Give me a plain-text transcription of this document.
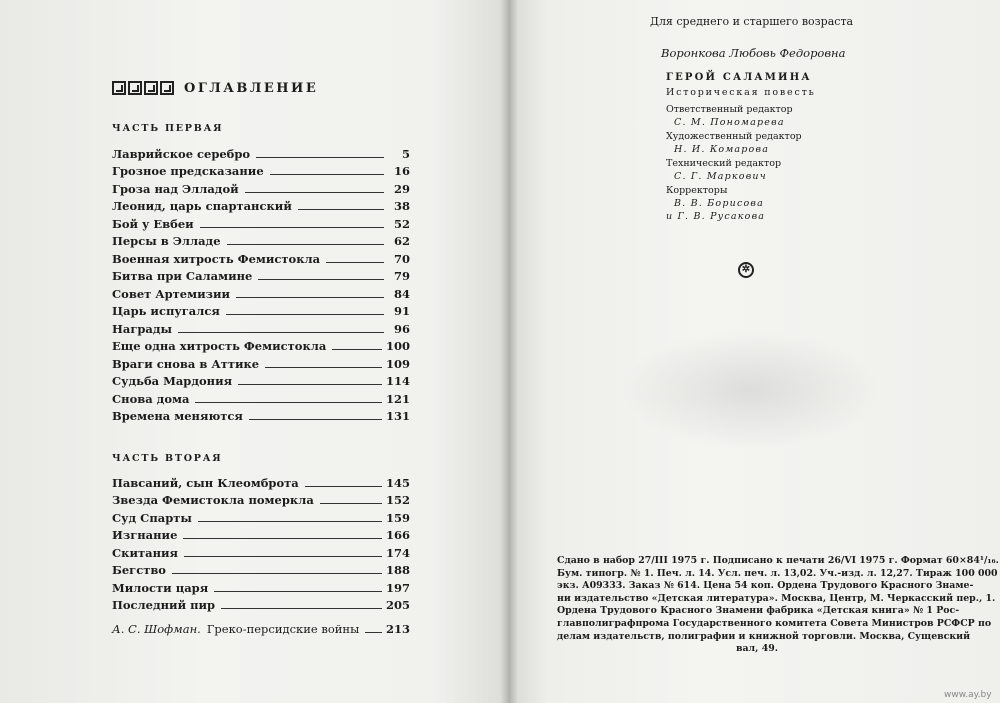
ОГЛАВЛЕНИЕ
ЧАСТЬ ПЕРВАЯ
Лаврийское серебро	5
Грозное предсказание	16
Гроза над Элладой	29
Леонид, царь спартанский	38
Бой у Евбеи	52
Персы в Элладе	62
Военная хитрость Фемистокла	70
Битва при Саламине	79
Совет Артемизии	84
Царь испугался	91
Награды	96
Еще одна хитрость Фемистокла	100
Враги снова в Аттике	109
Судьба Мардония	114
Снова дома	121
Времена меняются	131
ЧАСТЬ ВТОРАЯ
Павсаний, сын Клеомброта	145
Звезда Фемистокла померкла	152
Суд Спарты	159
Изгнание	166
Скитания	174
Бегство	188
Милости царя	197
Последний пир	205
А. С. Шофман. Греко-персидские войны 213
Для среднего и старшего возраста
Воронкова Любовь Федоровна
ГЕРОЙ САЛАМИНА
Историческая повесть
Ответственный редактор
С. М. Пономарева
Художественный редактор
Н. И. Комарова
Технический редактор
С. Г. Маркович
Корректоры
В. В. Борисова
и Г. В. Русакова
✲
Сдано в набор 27/III 1975 г. Подписано к печати 26/VI 1975 г. Формат 60×84¹/₁₆.
Бум. типогр. № 1. Печ. л. 14. Усл. печ. л. 13,02. Уч.-изд. л. 12,27. Тираж 100 000
экз. А09333. Заказ № 614. Цена 54 коп. Ордена Трудового Красного Знаме-
ни издательство «Детская литература». Москва, Центр, М. Черкасский пер., 1.
Ордена Трудового Красного Знамени фабрика «Детская книга» № 1 Рос-
главполиграфпрома Государственного комитета Совета Министров РСФСР по
делам издательств, полиграфии и книжной торговли. Москва, Сущевский
вал, 49.
www.ay.by
